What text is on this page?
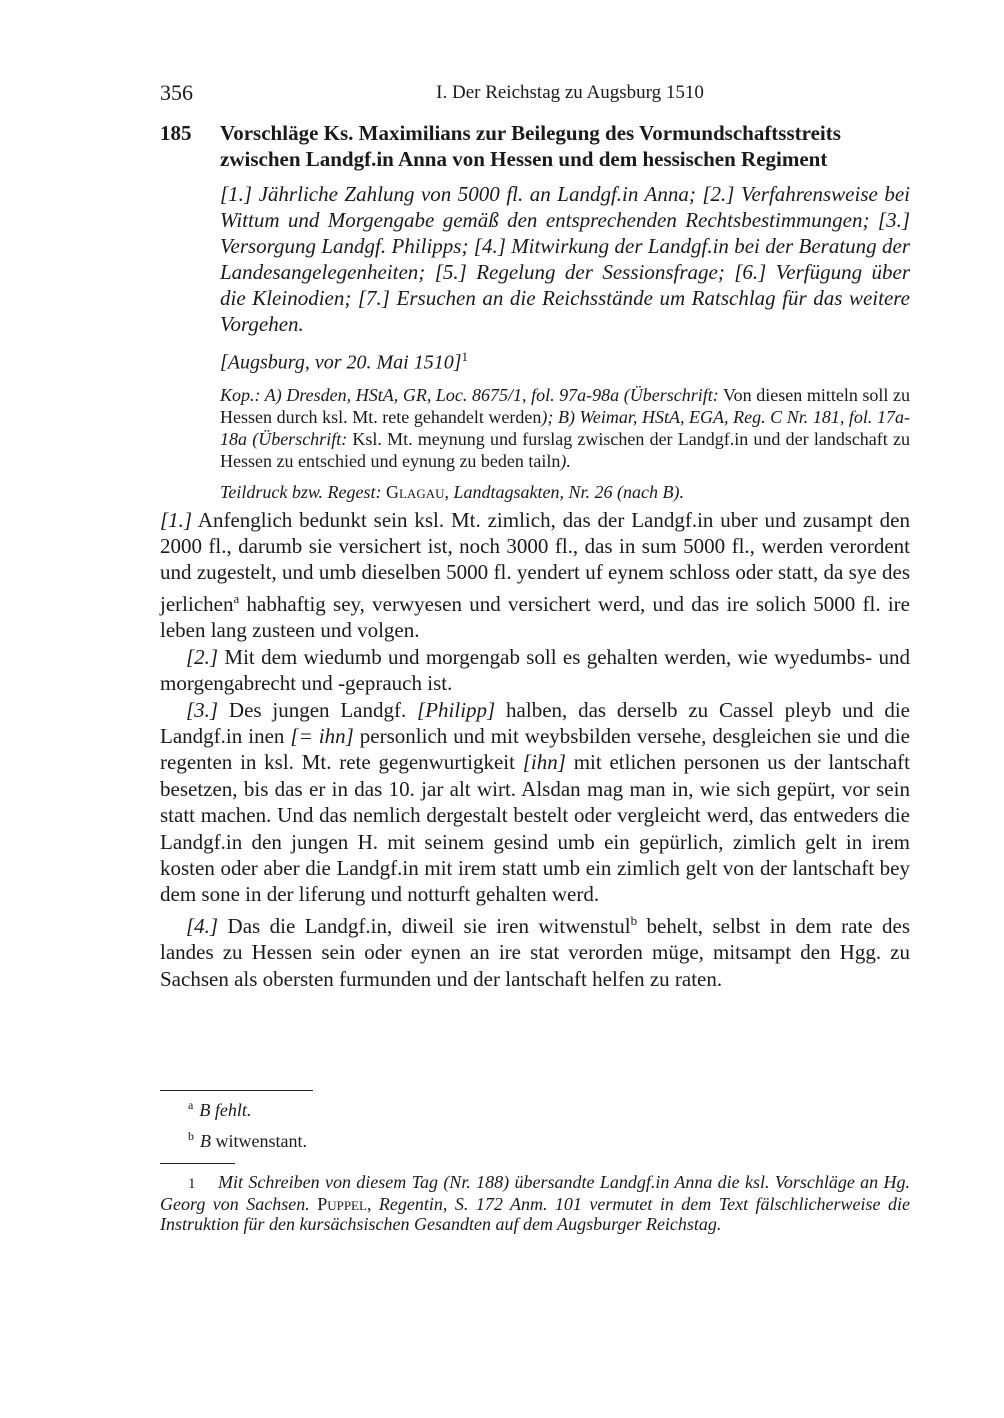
356	I. Der Reichstag zu Augsburg 1510
185	Vorschläge Ks. Maximilians zur Beilegung des Vormundschaftsstreits zwischen Landgf.in Anna von Hessen und dem hessischen Regiment
[1.] Jährliche Zahlung von 5000 fl. an Landgf.in Anna; [2.] Verfahrensweise bei Wittum und Morgengabe gemäß den entsprechenden Rechtsbestimmungen; [3.] Versorgung Landgf. Philipps; [4.] Mitwirkung der Landgf.in bei der Beratung der Landesangelegenheiten; [5.] Regelung der Sessionsfrage; [6.] Verfügung über die Kleinodien; [7.] Ersuchen an die Reichsstände um Ratschlag für das weitere Vorgehen.
[Augsburg, vor 20. Mai 1510]$^1$
Kop.: A) Dresden, HStA, GR, Loc. 8675/1, fol. 97a-98a (Überschrift: Von diesen mitteln soll zu Hessen durch ksl. Mt. rete gehandelt werden); B) Weimar, HStA, EGA, Reg. C Nr. 181, fol. 17a-18a (Überschrift: Ksl. Mt. meynung und furslag zwischen der Landgf.in und der landschaft zu Hessen zu entschied und eynung zu beden tailn).
Teildruck bzw. Regest: Glagau, Landtagsakten, Nr. 26 (nach B).

[1.] Anfenglich bedunkt sein ksl. Mt. zimlich, das der Landgf.in uber und zusampt den 2000 fl., darumb sie versichert ist, noch 3000 fl., das in sum 5000 fl., werden verordent und zugestelt, und umb dieselben 5000 fl. yendert uf eynem schloss oder statt, da sye des jerlichen$^a$ habhaftig sey, verwyesen und versichert werd, und das ire solich 5000 fl. ire leben lang zusteen und volgen.

[2.] Mit dem wiedumb und morgengab soll es gehalten werden, wie wyedumbs- und morgengabrecht und -geprauch ist.

[3.] Des jungen Landgf. [Philipp] halben, das derselb zu Cassel pleyb und die Landgf.in inen [= ihn] personlich und mit weybsbilden versehe, desgleichen sie und die regenten in ksl. Mt. rete gegenwurtigkeit [ihn] mit etlichen personen us der lantschaft besetzen, bis das er in das 10. jar alt wirt. Alsdan mag man in, wie sich gepürt, vor sein statt machen. Und das nemlich dergestalt bestelt oder vergleicht werd, das entweders die Landgf.in den jungen H. mit seinem gesind umb ein gepürlich, zimlich gelt in irem kosten oder aber die Landgf.in mit irem statt umb ein zimlich gelt von der lantschaft bey dem sone in der liferung und notturft gehalten werd.

[4.] Das die Landgf.in, diweil sie iren witwenstul$^b$ behelt, selbst in dem rate des landes zu Hessen sein oder eynen an ire stat verorden müge, mitsampt den Hgg. zu Sachsen als obersten furmunden und der lantschaft helfen zu raten.

$^a$ B fehlt.
$^b$ B witwenstant.
1 Mit Schreiben von diesem Tag (Nr. 188) übersandte Landgf.in Anna die ksl. Vorschläge an Hg. Georg von Sachsen. Puppel, Regentin, S. 172 Anm. 101 vermutet in dem Text fälschlicherweise die Instruktion für den kursächsischen Gesandten auf dem Augsburger Reichstag.
